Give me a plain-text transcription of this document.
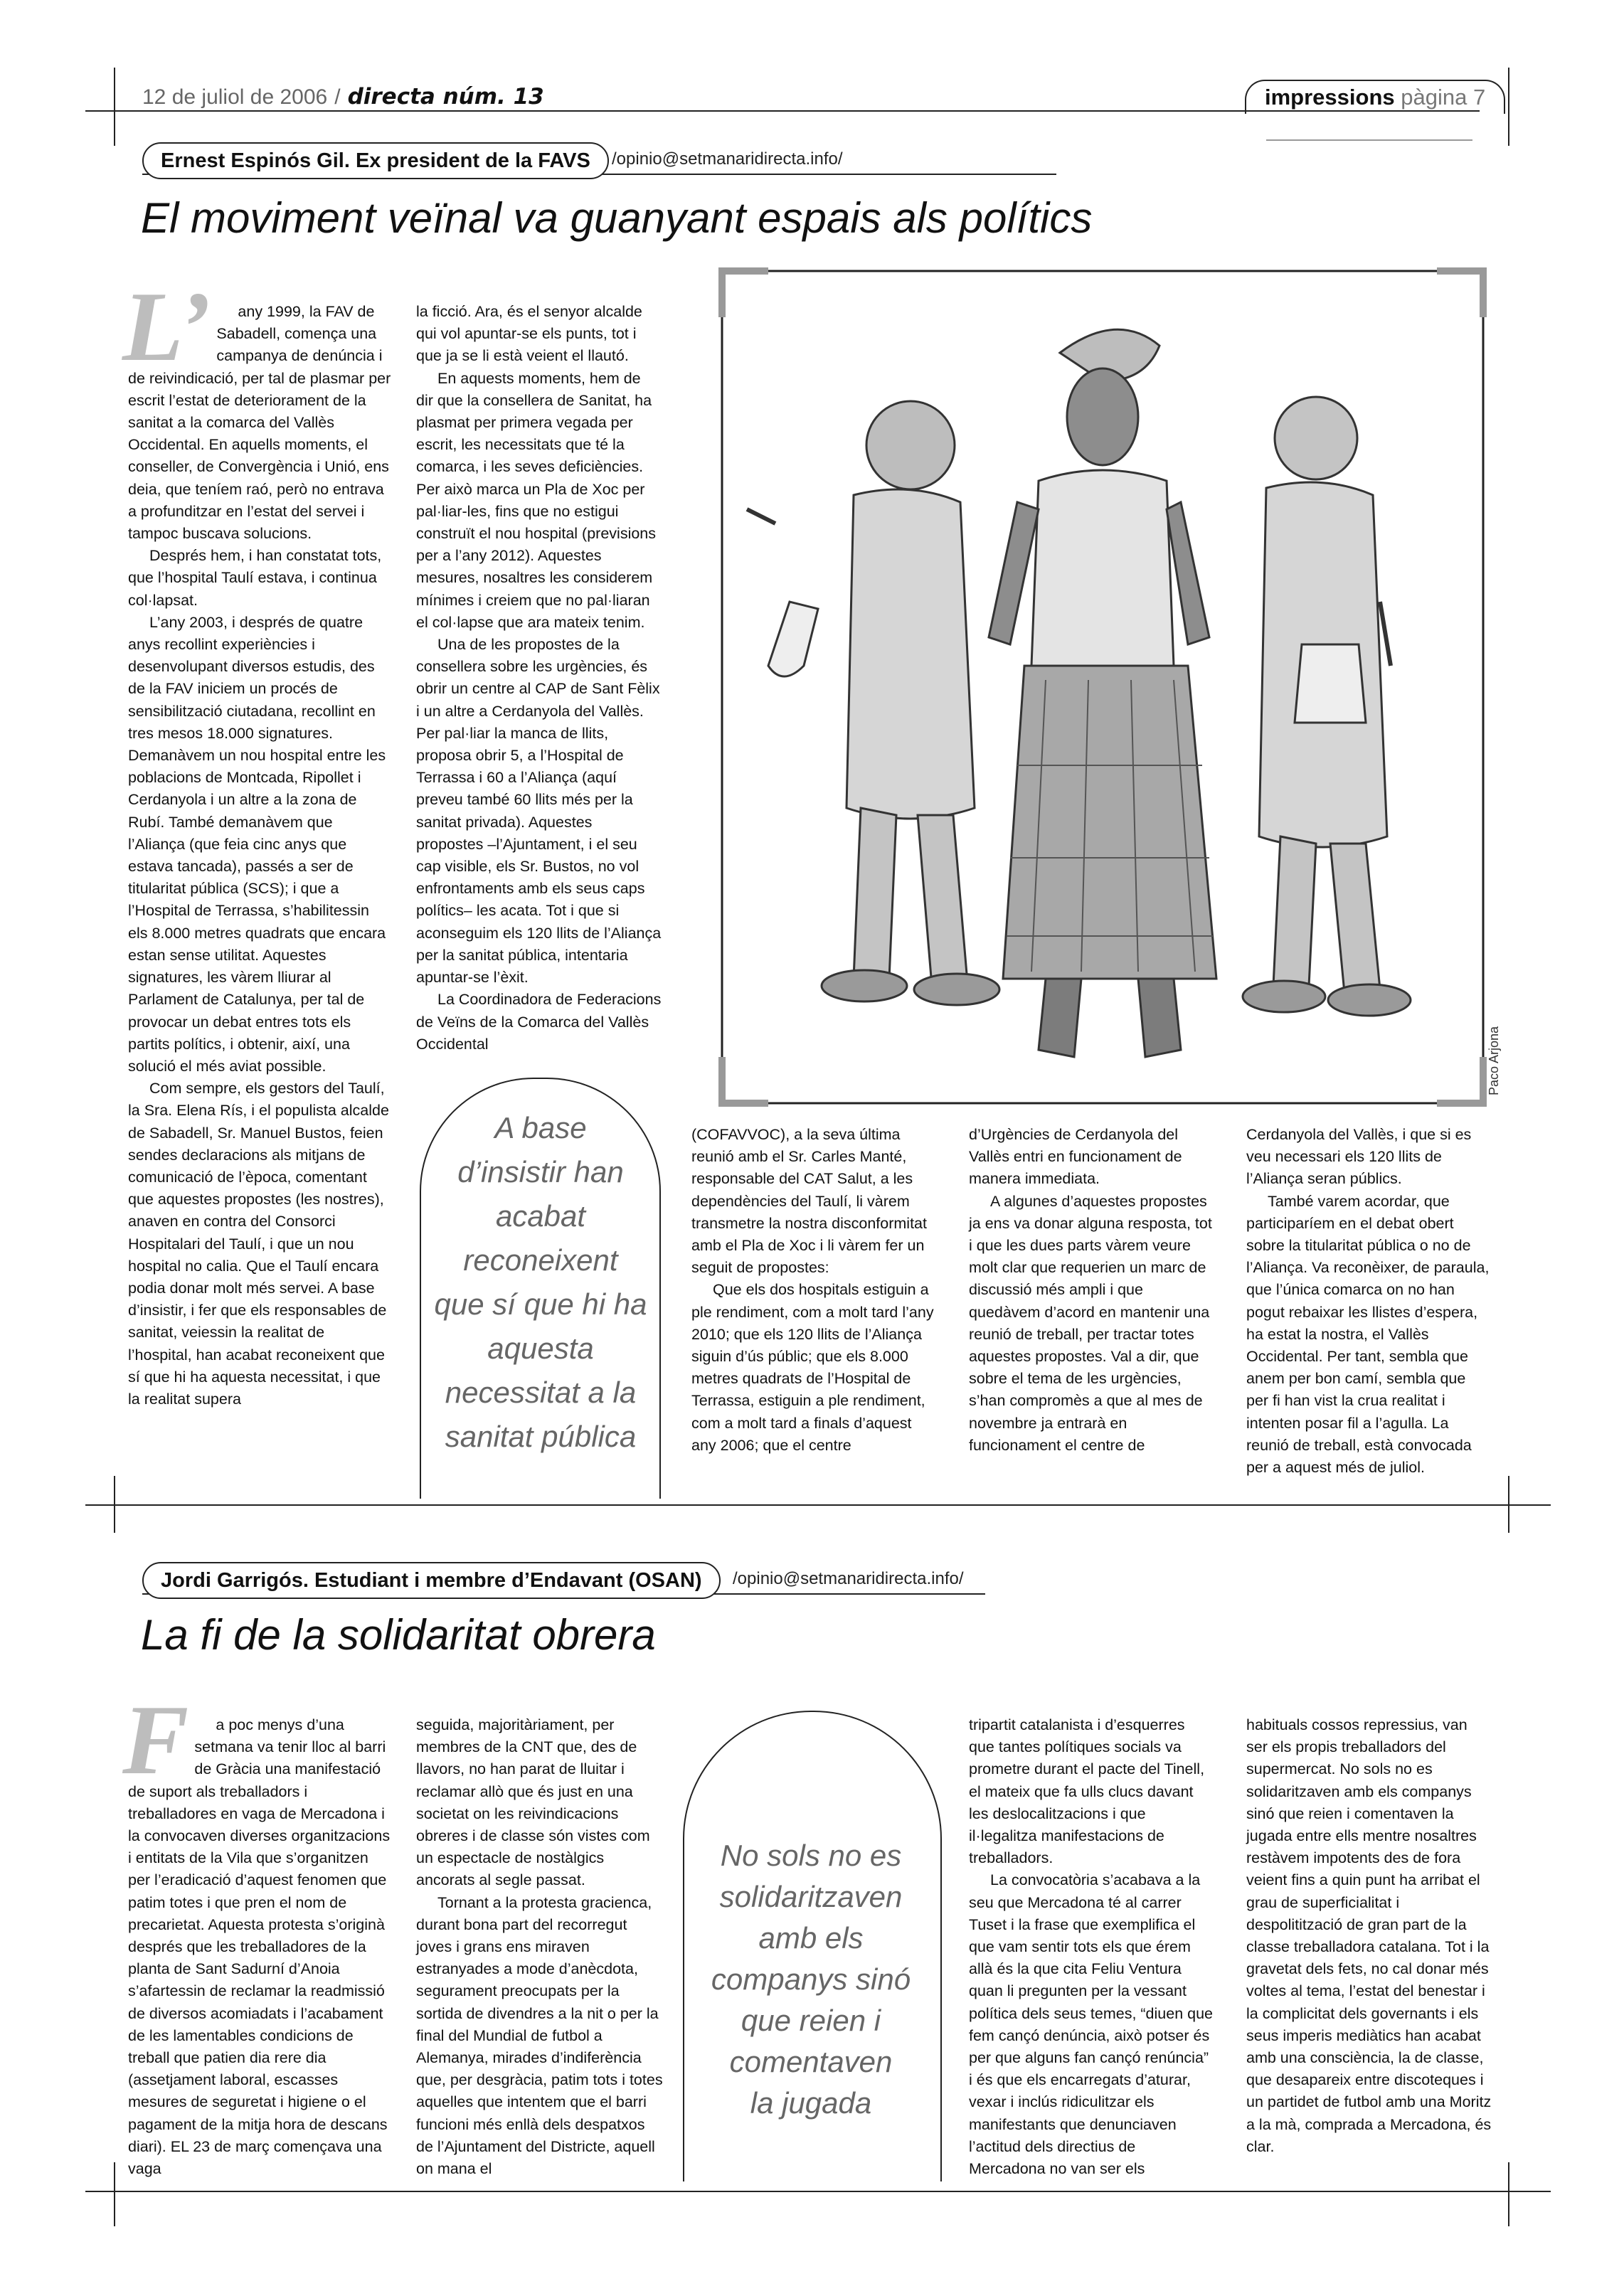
12 de juliol de 2006 / directa núm. 13	impressions pàgina 7
Ernest Espinós Gil. Ex president de la FAVS	/opinio@setmanaridirecta.info/
El moviment veïnal va guanyant espais als polítics
Paco Arjona
L’	any 1999, la FAV de Sabadell, comença una campanya de denúncia i de reivindicació, per tal de plasmar per escrit l’estat de deteriorament de la sanitat a la comarca del Vallès Occidental. En aquells moments, el conseller, de Convergència i Unió, ens deia, que teníem raó, però no entrava a profunditzar en l’estat del servei i tampoc buscava solucions.

Després hem, i han constatat tots, que l’hospital Taulí estava, i continua col·lapsat.

L’any 2003, i després de quatre anys recollint experiències i desenvolupant diversos estudis, des de la FAV iniciem un procés de sensibilització ciutadana, recollint en tres mesos 18.000 signatures. Demanàvem un nou hospital entre les poblacions de Montcada, Ripollet i Cerdanyola i un altre a la zona de Rubí. També demanàvem que l’Aliança (que feia cinc anys que estava tancada), passés a ser de titularitat pública (SCS); i que a l’Hospital de Terrassa, s’habilitessin els 8.000 metres quadrats que encara estan sense utilitat. Aquestes signatures, les vàrem lliurar al Parlament de Catalunya, per tal de provocar un debat entres tots els partits polítics, i obtenir, així, una solució el més aviat possible.

Com sempre, els gestors del Taulí, la Sra. Elena Rís, i el populista alcalde de Sabadell, Sr. Manuel Bustos, feien sendes declaracions als mitjans de comunicació de l’època, comentant que aquestes propostes (les nostres), anaven en contra del Consorci Hospitalari del Taulí, i que un nou hospital no calia. Que el Taulí encara podia donar molt més servei. A base d’insistir, i fer que els responsables de sanitat, veiessin la realitat de l’hospital, han acabat reconeixent que sí que hi ha aquesta necessitat, i que la realitat supera

la ficció. Ara, és el senyor alcalde qui vol apuntar-se els punts, tot i que ja se li està veient el llautó.

En aquests moments, hem de dir que la consellera de Sanitat, ha plasmat per primera vegada per escrit, les necessitats que té la comarca, i les seves deficiències. Per això marca un Pla de Xoc per pal·liar-les, fins que no estigui construït el nou hospital (previsions per a l’any 2012). Aquestes mesures, nosaltres les considerem mínimes i creiem que no pal·liaran el col·lapse que ara mateix tenim.

Una de les propostes de la consellera sobre les urgències, és obrir un centre al CAP de Sant Fèlix i un altre a Cerdanyola del Vallès. Per pal·liar la manca de llits, proposa obrir 5, a l’Hospital de Terrassa i 60 a l’Aliança (aquí preveu també 60 llits més per la sanitat privada). Aquestes propostes –l’Ajuntament, i el seu cap visible, els Sr. Bustos, no vol enfrontaments amb els seus caps polítics– les acata. Tot i que si aconseguim els 120 llits de l’Aliança per la sanitat pública, intentaria apuntar-se l’èxit.

La Coordinadora de Federacions de Veïns de la Comarca del Vallès Occidental

(COFAVVOC), a la seva última reunió amb el Sr. Carles Manté, responsable del CAT Salut, a les dependències del Taulí, li vàrem transmetre la nostra disconformitat amb el Pla de Xoc i li vàrem fer un seguit de propostes:

Que els dos hospitals estiguin a ple rendiment, com a molt tard l’any 2010; que els 120 llits de l’Aliança siguin d’ús públic; que els 8.000 metres quadrats de l’Hospital de Terrassa, estiguin a ple rendiment, com a molt tard a finals d’aquest any 2006; que el centre

d’Urgències de Cerdanyola del Vallès entri en funcionament de manera immediata.

A algunes d’aquestes propostes ja ens va donar alguna resposta, tot i que les dues parts vàrem veure molt clar que requerien un marc de discussió més ampli i que quedàvem d’acord en mantenir una reunió de treball, per tractar totes aquestes propostes. Val a dir, que sobre el tema de les urgències, s’han compromès a que al mes de novembre ja entrarà en funcionament el centre de

Cerdanyola del Vallès, i que si es veu necessari els 120 llits de l’Aliança seran públics.

També varem acordar, que participaríem en el debat obert sobre la titularitat pública o no de l’Aliança. Va reconèixer, de paraula, que l’única comarca on no han pogut rebaixar les llistes d’espera, ha estat la nostra, el Vallès Occidental. Per tant, sembla que anem per bon camí, sembla que per fi han vist la crua realitat i intenten posar fil a l’agulla. La reunió de treball, està convocada per a aquest més de juliol.

A base
d’insistir han
acabat
reconeixent
que sí que hi ha
aquesta
necessitat a la
sanitat pública
Jordi Garrigós. Estudiant i membre d’Endavant (OSAN)	/opinio@setmanaridirecta.info/
La fi de la solidaritat obrera
F	a poc menys d’una setmana va tenir lloc al barri de Gràcia una manifestació de suport als treballadors i treballadores en vaga de Mercadona i la convocaven diverses organitzacions i entitats de la Vila que s’organitzen per l’eradicació d’aquest fenomen que patim totes i que pren el nom de precarietat. Aquesta protesta s’originà després que les treballadores de la planta de Sant Sadurní d’Anoia s’afartessin de reclamar la readmissió de diversos acomiadats i l’acabament de les lamentables condicions de treball que patien dia rere dia (assetjament laboral, escasses mesures de seguretat i higiene o el pagament de la mitja hora de descans diari). EL 23 de març començava una vaga

seguida, majoritàriament, per membres de la CNT que, des de llavors, no han parat de lluitar i reclamar allò que és just en una societat on les reivindicacions obreres i de classe són vistes com un espectacle de nostàlgics ancorats al segle passat.

Tornant a la protesta graciencа, durant bona part del recorregut joves i grans ens miraven estranyades a mode d’anècdota, segurament preocupats per la sortida de divendres a la nit o per la final del Mundial de futbol a Alemanya, mirades d’indiferència que, per desgràcia, patim tots i totes aquelles que intentem que el barri funcioni més enllà dels despatxos de l’Ajuntament del Districte, aquell on mana el

tripartit catalanista i d’esquerres que tantes polítiques socials va prometre durant el pacte del Tinell, el mateix que fa ulls clucs davant les deslocalitzacions i que il·legalitza manifestacions de treballadors.

La convocatòria s’acabava a la seu que Mercadona té al carrer Tuset i la frase que exemplifica el que vam sentir tots els que érem allà és la que cita Feliu Ventura quan li pregunten per la vessant política dels seus temes, “diuen que fem cançó denúncia, això potser és per que alguns fan cançó renúncia” i és que els encarregats d’aturar, vexar i inclús ridiculitzar els manifestants que denunciaven l’actitud dels directius de Mercadona no van ser els

habituals cossos repressius, van ser els propis treballadors del supermercat. No sols no es solidaritzaven amb els companys sinó que reien i comentaven la jugada entre ells mentre nosaltres restàvem impotents des de fora veient fins a quin punt ha arribat el grau de superficialitat i despolitització de gran part de la classe treballadora catalana. Tot i la gravetat dels fets, no cal donar més voltes al tema, l’estat del benestar i la complicitat dels governants i els seus imperis mediàtics han acabat amb una consciència, la de classe, que desapareix entre discoteques i un partidet de futbol amb una Moritz a la mà, comprada a Mercadona, és clar.

No sols no es
solidaritzaven
amb els
companys sinó
que reien i
comentaven
la jugada
